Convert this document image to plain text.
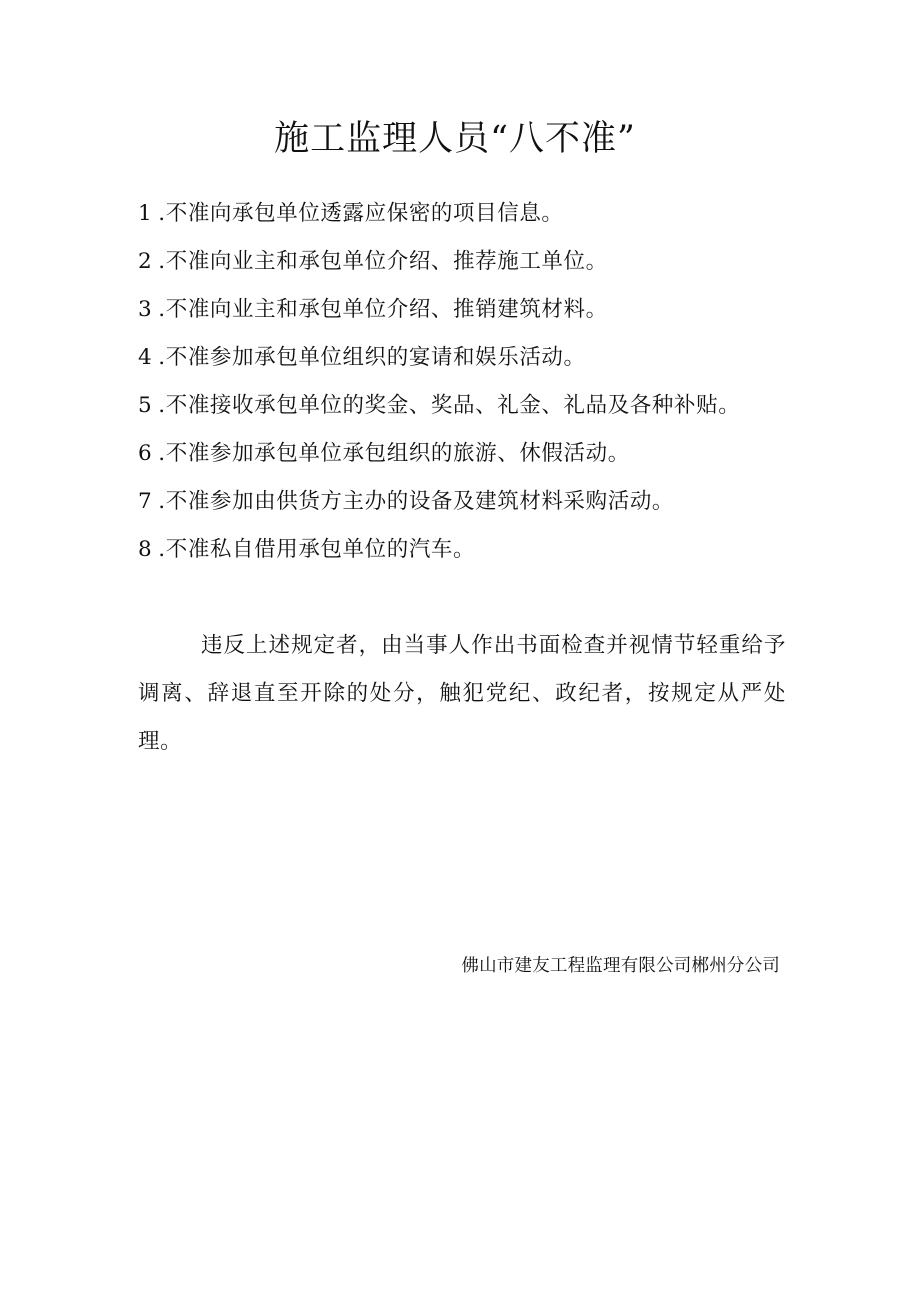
施工监理人员“八不准”
1 .不准向承包单位透露应保密的项目信息。
2 .不准向业主和承包单位介绍、推荐施工单位。
3 .不准向业主和承包单位介绍、推销建筑材料。
4 .不准参加承包单位组织的宴请和娱乐活动。
5 .不准接收承包单位的奖金、奖品、礼金、礼品及各种补贴。
6 .不准参加承包单位承包组织的旅游、休假活动。
7 .不准参加由供货方主办的设备及建筑材料采购活动。
8 .不准私自借用承包单位的汽车。

违反上述规定者，由当事人作出书面检查并视情节轻重给予调离、辞退直至开除的处分，触犯党纪、政纪者，按规定从严处理。

佛山市建友工程监理有限公司郴州分公司
